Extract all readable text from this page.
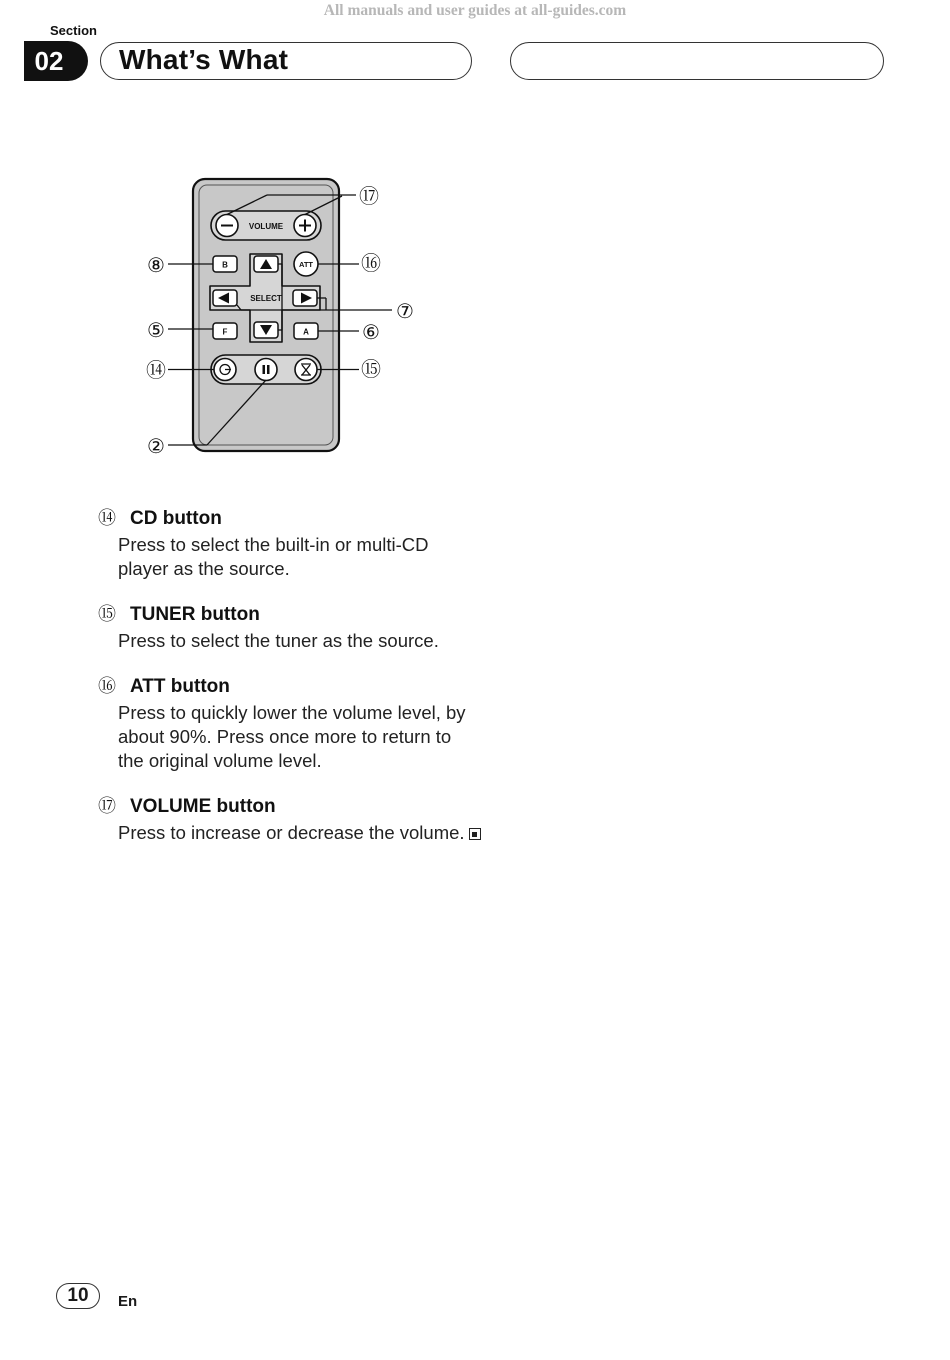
All manuals and user guides at all-guides.com
Section
02 What’s What
VOLUME
B	ATT
SELECT
F	A
⑰
⑯
⑧
⑦
⑤	⑥
⑭	⑮
②
⑭ CD button
Press to select the built-in or multi-CD player as the source.
⑮ TUNER button
Press to select the tuner as the source.
⑯ ATT button
Press to quickly lower the volume level, by about 90%. Press once more to return to the original volume level.
⑰ VOLUME button
Press to increase or decrease the volume.
10 En
